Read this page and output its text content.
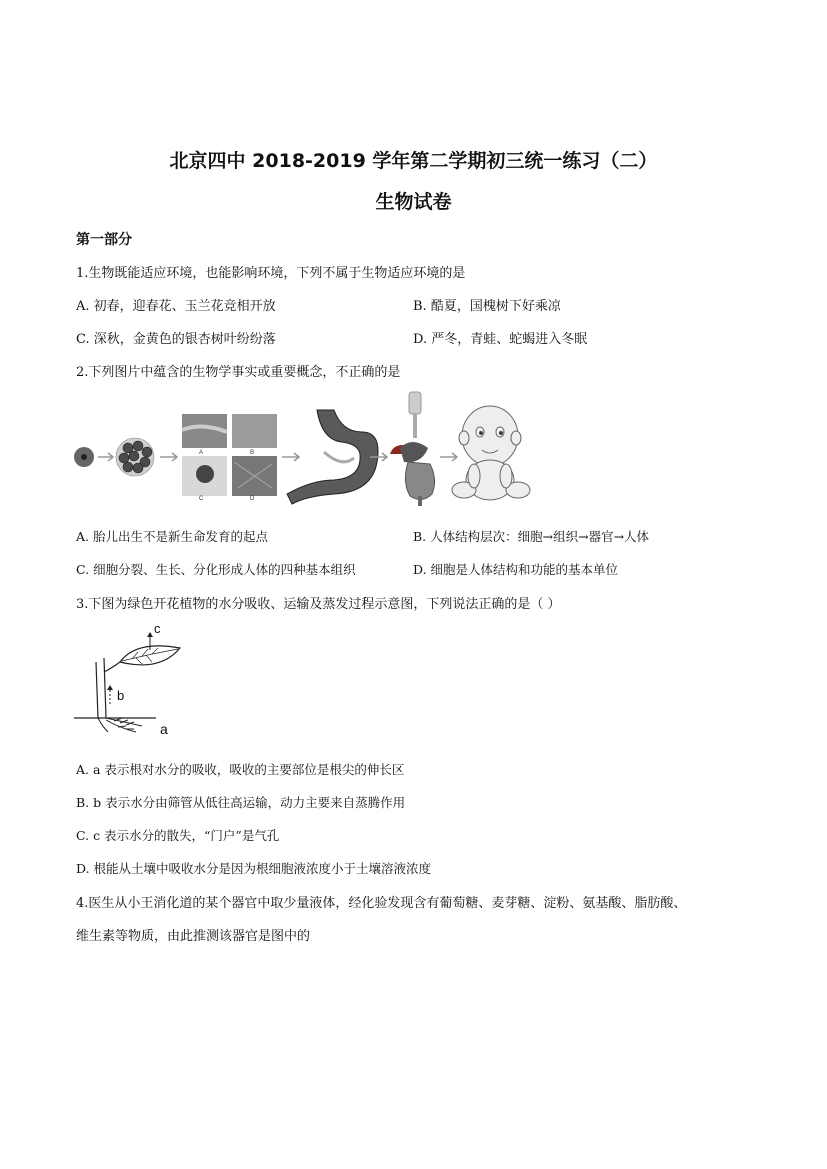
北京四中 2018-2019 学年第二学期初三统一练习（二）
生物试卷
第一部分
1.生物既能适应环境，也能影响环境，下列不属于生物适应环境的是
A. 初春，迎春花、玉兰花竞相开放	B. 酷夏，国槐树下好乘凉
C. 深秋，金黄色的银杏树叶纷纷落	D. 严冬，青蛙、蛇蝎进入冬眠
2.下列图片中蕴含的生物学事实或重要概念，不正确的是
A	B
C	D
A. 胎儿出生不是新生命发育的起点	B. 人体结构层次：细胞→组织→器官→人体
C. 细胞分裂、生长、分化形成人体的四种基本组织	D. 细胞是人体结构和功能的基本单位
3.下图为绿色开花植物的水分吸收、运输及蒸发过程示意图，下列说法正确的是（ ）
c
b
a
A. a 表示根对水分的吸收，吸收的主要部位是根尖的伸长区
B. b 表示水分由筛管从低往高运输，动力主要来自蒸腾作用
C. c 表示水分的散失，“门户”是气孔
D. 根能从土壤中吸收水分是因为根细胞液浓度小于土壤溶液浓度
4.医生从小王消化道的某个器官中取少量液体，经化验发现含有葡萄糖、麦芽糖、淀粉、氨基酸、脂肪酸、
维生素等物质，由此推测该器官是图中的
